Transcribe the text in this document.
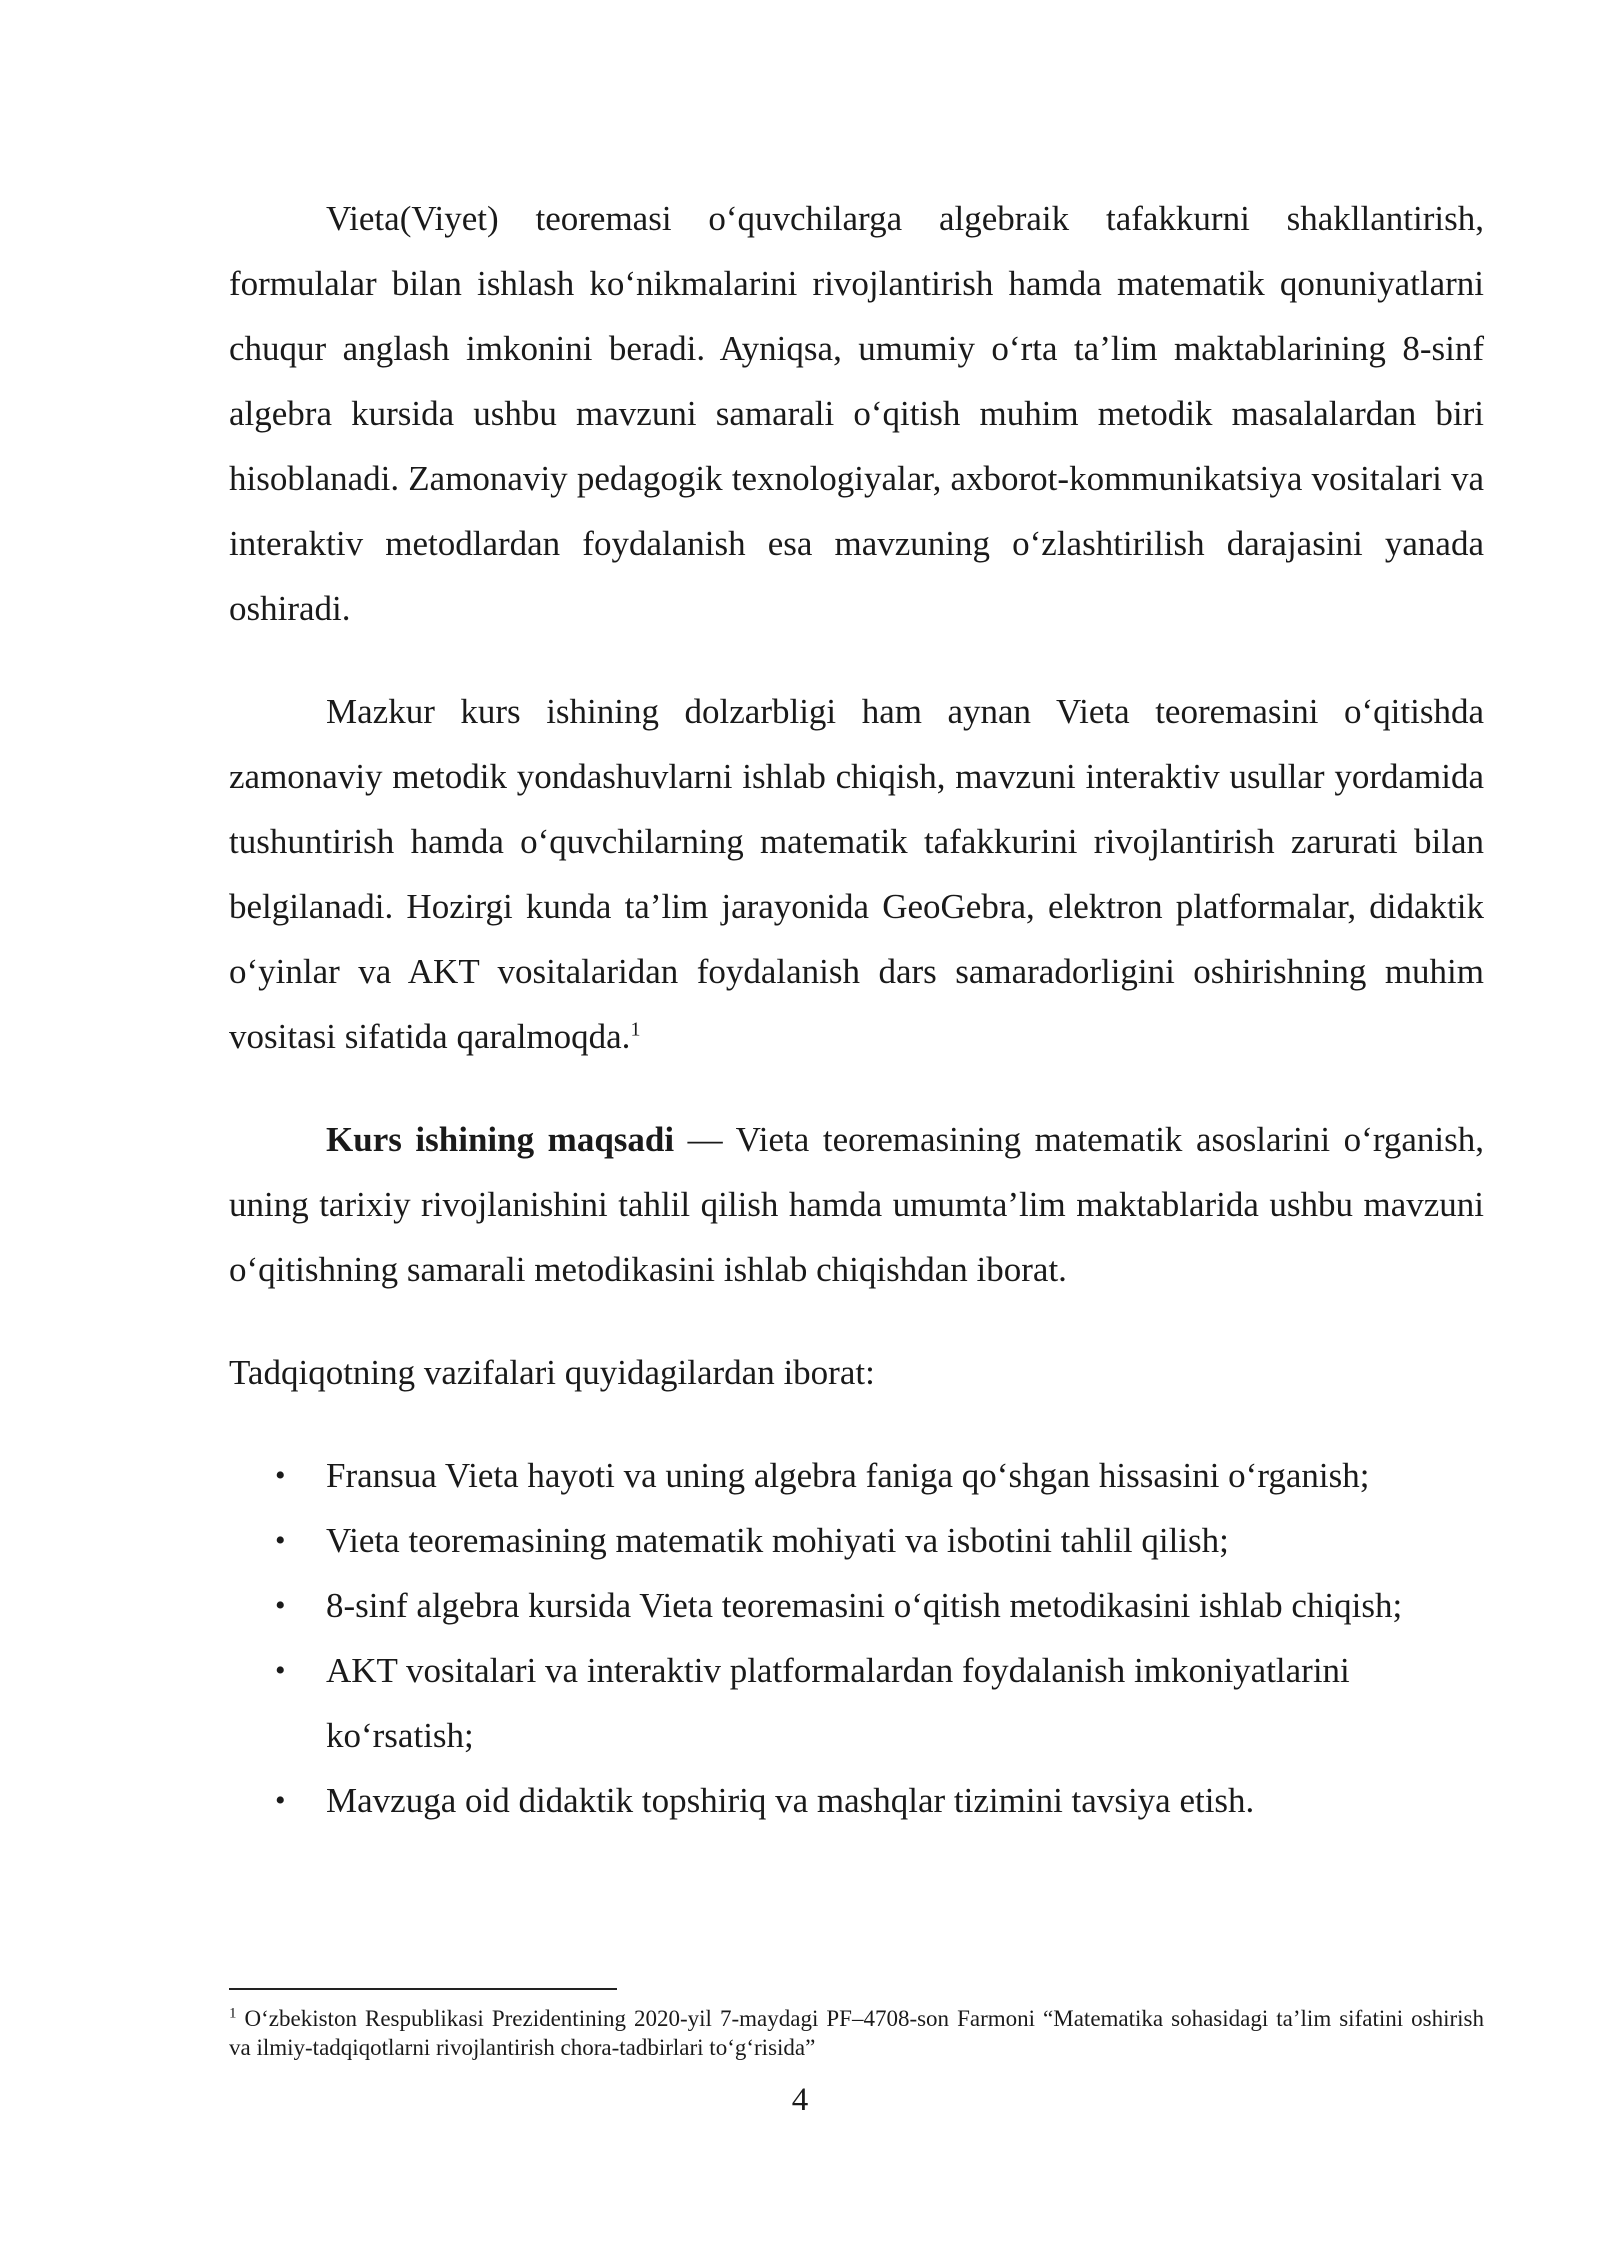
Vieta(Viyet) teoremasi o‘quvchilarga algebraik tafakkurni shakllantirish, formulalar bilan ishlash ko‘nikmalarini rivojlantirish hamda matematik qonuniyatlarni chuqur anglash imkonini beradi. Ayniqsa, umumiy o‘rta ta’lim maktablarining 8-sinf algebra kursida ushbu mavzuni samarali o‘qitish muhim metodik masalalardan biri hisoblanadi. Zamonaviy pedagogik texnologiyalar, axborot-kommunikatsiya vositalari va interaktiv metodlardan foydalanish esa mavzuning o‘zlashtirilish darajasini yanada oshiradi.

Mazkur kurs ishining dolzarbligi ham aynan Vieta teoremasini o‘qitishda zamonaviy metodik yondashuvlarni ishlab chiqish, mavzuni interaktiv usullar yordamida tushuntirish hamda o‘quvchilarning matematik tafakkurini rivojlantirish zarurati bilan belgilanadi. Hozirgi kunda ta’lim jarayonida GeoGebra, elektron platformalar, didaktik o‘yinlar va AKT vositalaridan foydalanish dars samaradorligini oshirishning muhim vositasi sifatida qaralmoqda.$^1$

Kurs ishining maqsadi — Vieta teoremasining matematik asoslarini o‘rganish, uning tarixiy rivojlanishini tahlil qilish hamda umumta’lim maktablarida ushbu mavzuni o‘qitishning samarali metodikasini ishlab chiqishdan iborat.

Tadqiqotning vazifalari quyidagilardan iborat:

• Fransua Vieta hayoti va uning algebra faniga qo‘shgan hissasini o‘rganish;
• Vieta teoremasining matematik mohiyati va isbotini tahlil qilish;
• 8-sinf algebra kursida Vieta teoremasini o‘qitish metodikasini ishlab chiqish;
• AKT vositalari va interaktiv platformalardan foydalanish imkoniyatlarini ko‘rsatish;
• Mavzuga oid didaktik topshiriq va mashqlar tizimini tavsiya etish.

$^1$ O‘zbekiston Respublikasi Prezidentining 2020-yil 7-maydagi PF–4708-son Farmoni “Matematika sohasidagi ta’lim sifatini oshirish va ilmiy-tadqiqotlarni rivojlantirish chora-tadbirlari to‘g‘risida”

4
